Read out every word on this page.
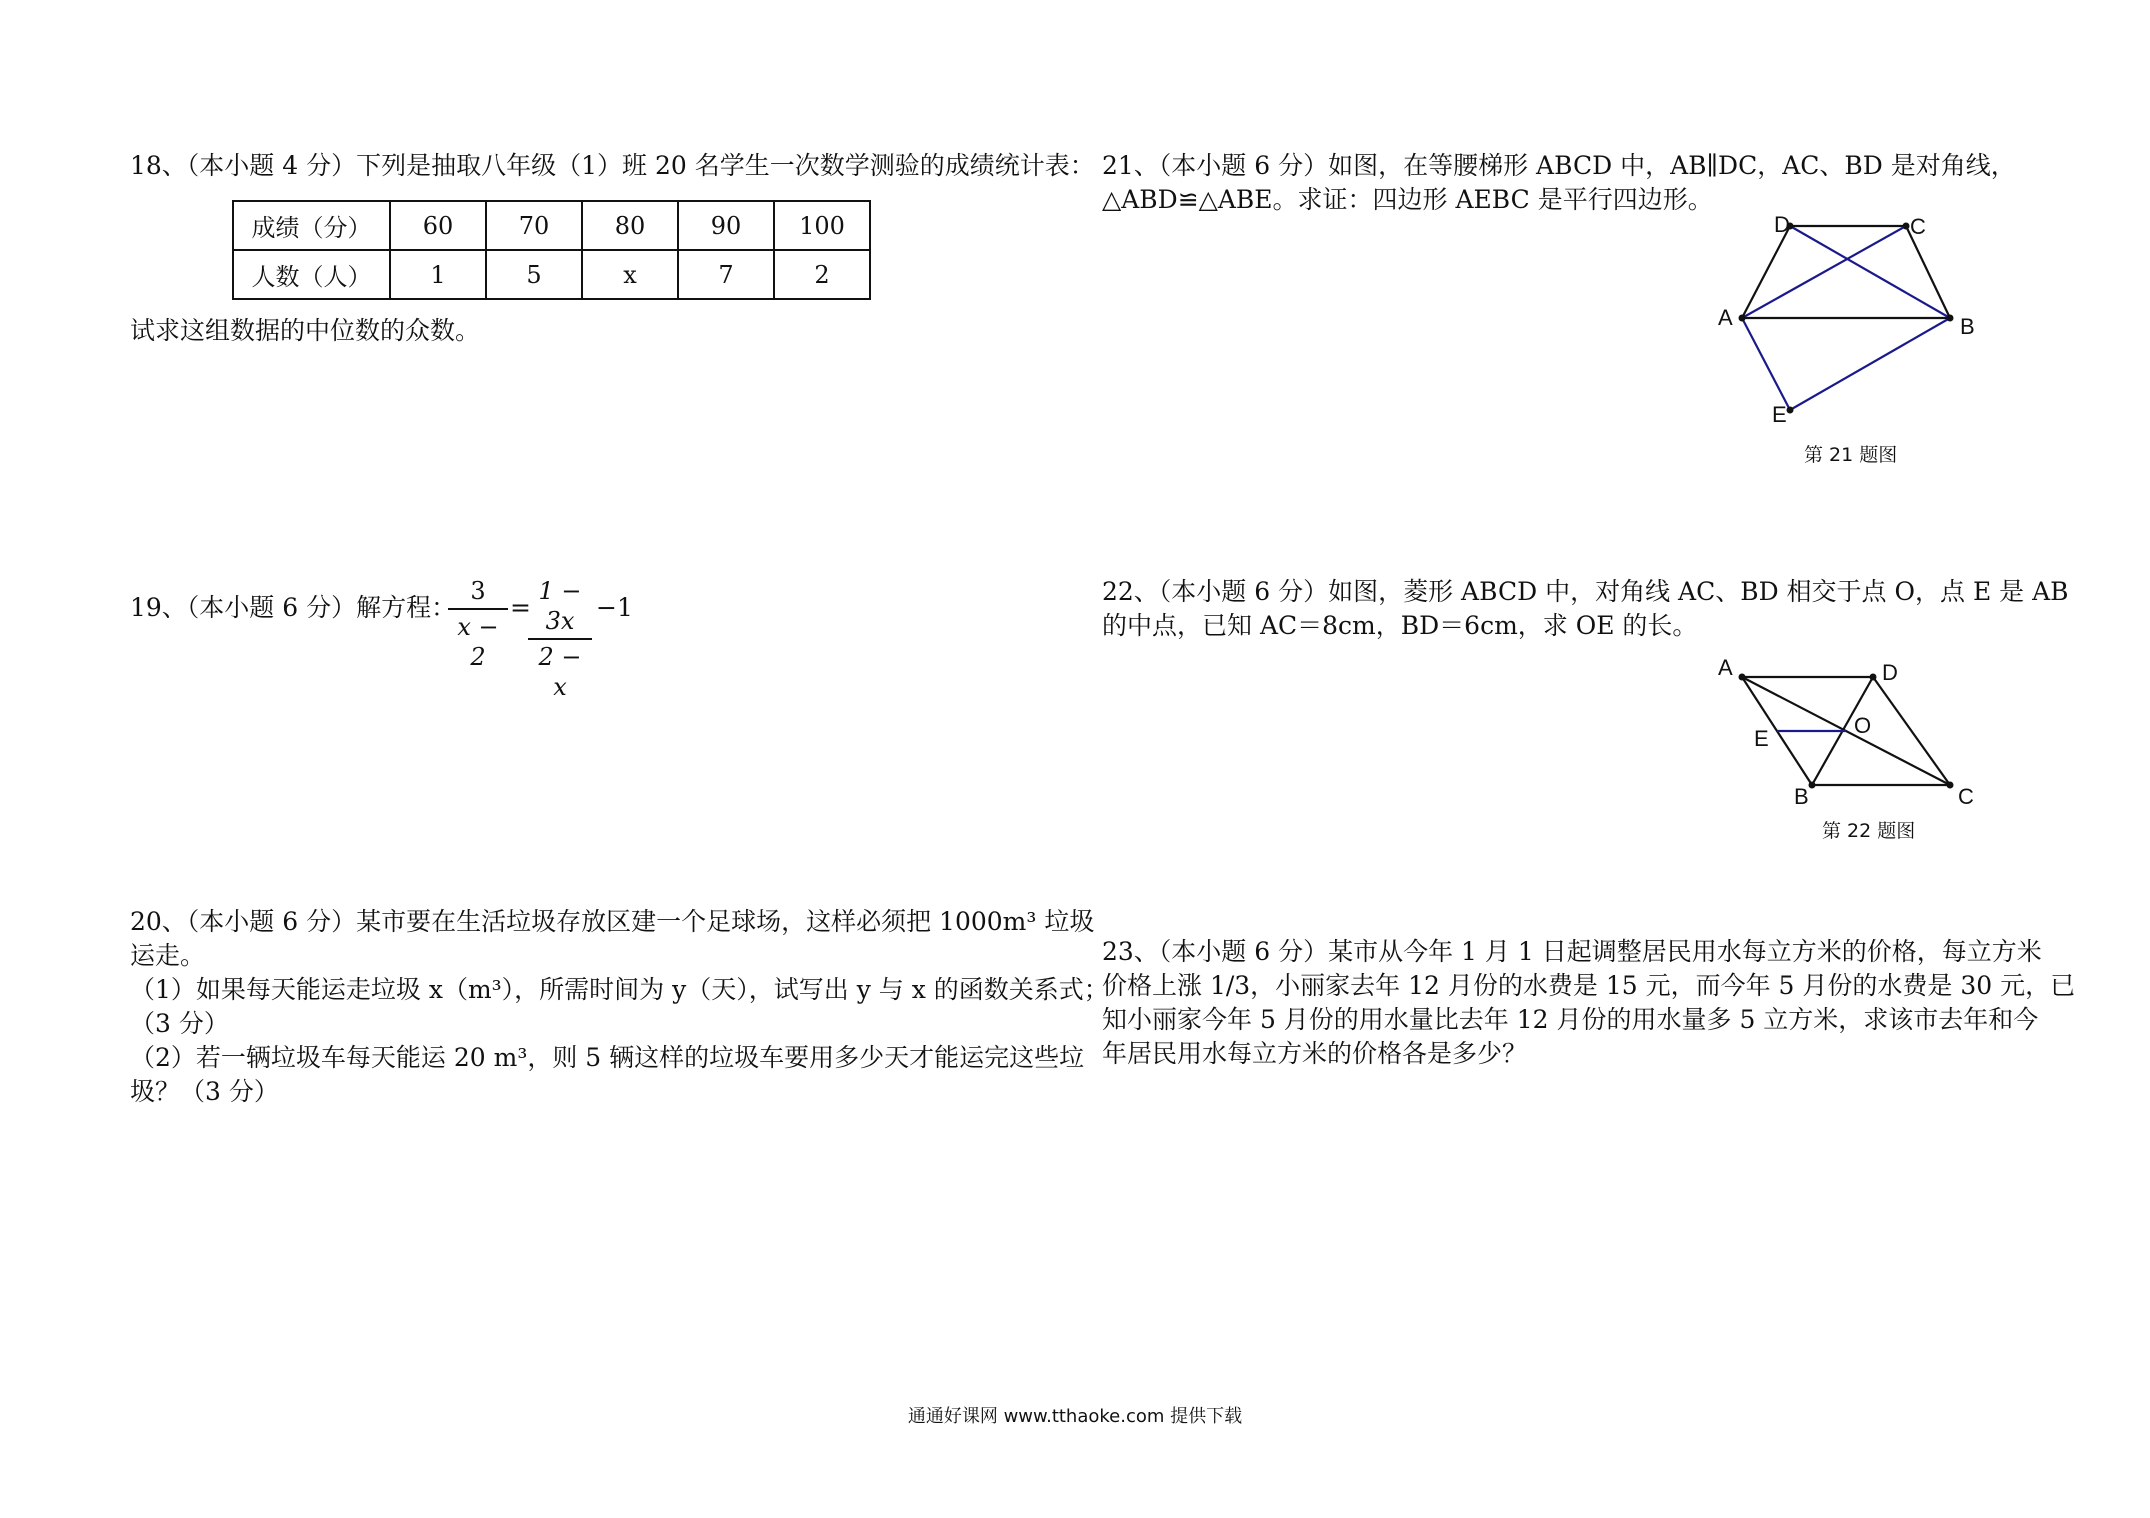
18、（本小题 4 分）下列是抽取八年级（1）班 20 名学生一次数学测验的成绩统计表：
成绩（分）	60	70	80	90	100
人数（人）	1	5	x	7	2
试求这组数据的中位数的众数。
19、（本小题 6 分）解方程：
3
x − 2
=
1 − 3x
2 − x
−1
20、（本小题 6 分）某市要在生活垃圾存放区建一个足球场，这样必须把 1000m³ 垃圾
运走。
（1）如果每天能运走垃圾 x（m³），所需时间为 y（天），试写出 y 与 x 的函数关系式；
（3 分）
（2）若一辆垃圾车每天能运 20 m³，则 5 辆这样的垃圾车要用多少天才能运完这些垃
圾？（3 分）
21、（本小题 6 分）如图，在等腰梯形 ABCD 中，AB∥DC，AC、BD 是对角线，
△ABD≌△ABE。求证：四边形 AEBC 是平行四边形。
22、（本小题 6 分）如图，菱形 ABCD 中，对角线 AC、BD 相交于点 O，点 E 是 AB
的中点，已知 AC＝8cm，BD＝6cm，求 OE 的长。
23、（本小题 6 分）某市从今年 1 月 1 日起调整居民用水每立方米的价格，每立方米
价格上涨 1/3，小丽家去年 12 月份的水费是 15 元，而今年 5 月份的水费是 30 元，已
知小丽家今年 5 月份的用水量比去年 12 月份的用水量多 5 立方米，求该市去年和今
年居民用水每立方米的价格各是多少？
D	C
A	B
E
第 21 题图
A	D
E
O
B	C
第 22 题图
通通好课网 www.tthaoke.com 提供下载
